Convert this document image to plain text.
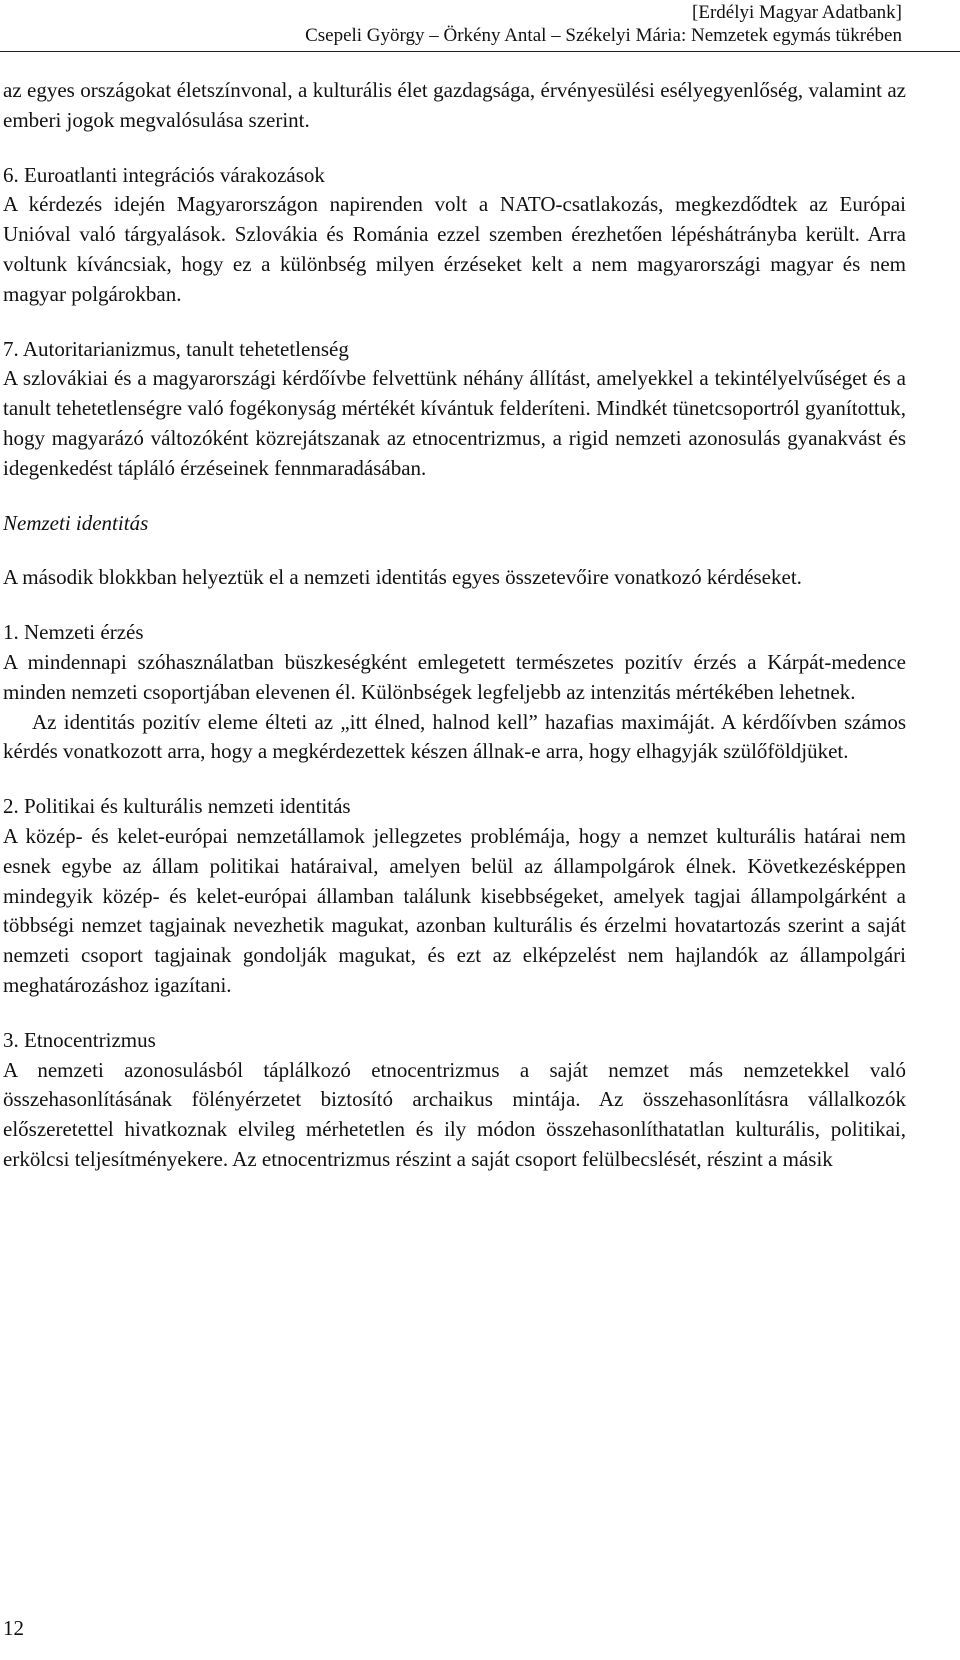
[Erdélyi Magyar Adatbank]
Csepeli György – Örkény Antal – Székelyi Mária: Nemzetek egymás tükrében

az egyes országokat életszínvonal, a kulturális élet gazdagsága, érvényesülési esélyegyenlőség, valamint az emberi jogok megvalósulása szerint.

6. Euroatlanti integrációs várakozások

A kérdezés idején Magyarországon napirenden volt a NATO-csatlakozás, megkezdődtek az Európai Unióval való tárgyalások. Szlovákia és Románia ezzel szemben érezhetően lépéshátrányba került. Arra voltunk kíváncsiak, hogy ez a különbség milyen érzéseket kelt a nem magyarországi magyar és nem magyar polgárokban.

7. Autoritarianizmus, tanult tehetetlenség

A szlovákiai és a magyarországi kérdőívbe felvettünk néhány állítást, amelyekkel a tekintélyelvűséget és a tanult tehetetlenségre való fogékonyság mértékét kívántuk felderíteni. Mindkét tünetcsoportról gyanítottuk, hogy magyarázó változóként közrejátszanak az etnocentrizmus, a rigid nemzeti azonosulás gyanakvást és idegenkedést tápláló érzéseinek fennmaradásában.

Nemzeti identitás

A második blokkban helyeztük el a nemzeti identitás egyes összetevőire vonatkozó kérdéseket.

1. Nemzeti érzés

A mindennapi szóhasználatban büszkeségként emlegetett természetes pozitív érzés a Kárpát-medence minden nemzeti csoportjában elevenen él. Különbségek legfeljebb az intenzitás mértékében lehetnek.

Az identitás pozitív eleme élteti az „itt élned, halnod kell” hazafias maximáját. A kérdőívben számos kérdés vonatkozott arra, hogy a megkérdezettek készen állnak-e arra, hogy elhagyják szülőföldjüket.

2. Politikai és kulturális nemzeti identitás

A közép- és kelet-európai nemzetállamok jellegzetes problémája, hogy a nemzet kulturális határai nem esnek egybe az állam politikai határaival, amelyen belül az állampolgárok élnek. Következésképpen mindegyik közép- és kelet-európai államban találunk kisebbségeket, amelyek tagjai állampolgárként a többségi nemzet tagjainak nevezhetik magukat, azonban kulturális és érzelmi hovatartozás szerint a saját nemzeti csoport tagjainak gondolják magukat, és ezt az elképzelést nem hajlandók az állampolgári meghatározáshoz igazítani.

3. Etnocentrizmus

A nemzeti azonosulásból táplálkozó etnocentrizmus a saját nemzet más nemzetekkel való összehasonlításának fölényérzetet biztosító archaikus mintája. Az összehasonlításra vállalkozók előszeretettel hivatkoznak elvileg mérhetetlen és ily módon összehasonlíthatatlan kulturális, politikai, erkölcsi teljesítményekere. Az etnocentrizmus részint a saját csoport felülbecslését, részint a másik

12
